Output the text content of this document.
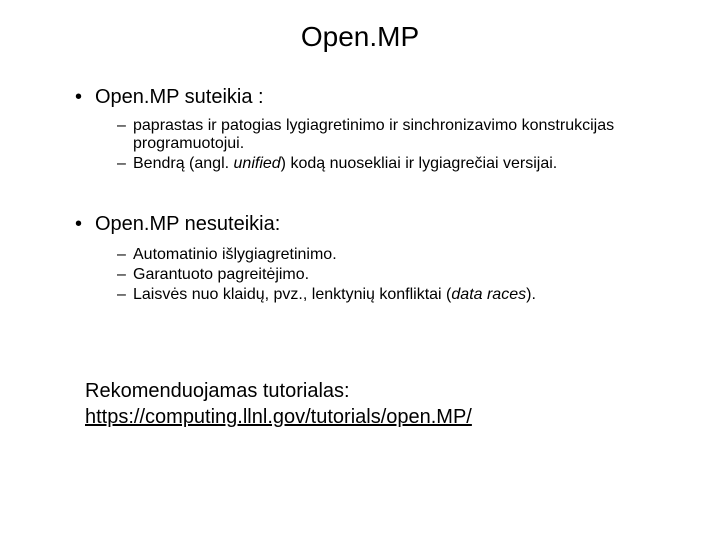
Open.MP
• Open.MP suteikia :
– paprastas ir patogias lygiagretinimo ir sinchronizavimo konstrukcijas programuotojui.
– Bendrą (angl. unified) kodą nuosekliai ir lygiagrečiai versijai.
• Open.MP nesuteikia:
– Automatinio išlygiagretinimo.
– Garantuoto pagreitėjimo.
– Laisvės nuo klaidų, pvz., lenktynių konfliktai (data races).
Rekomenduojamas tutorialas:
https://computing.llnl.gov/tutorials/open.MP/
